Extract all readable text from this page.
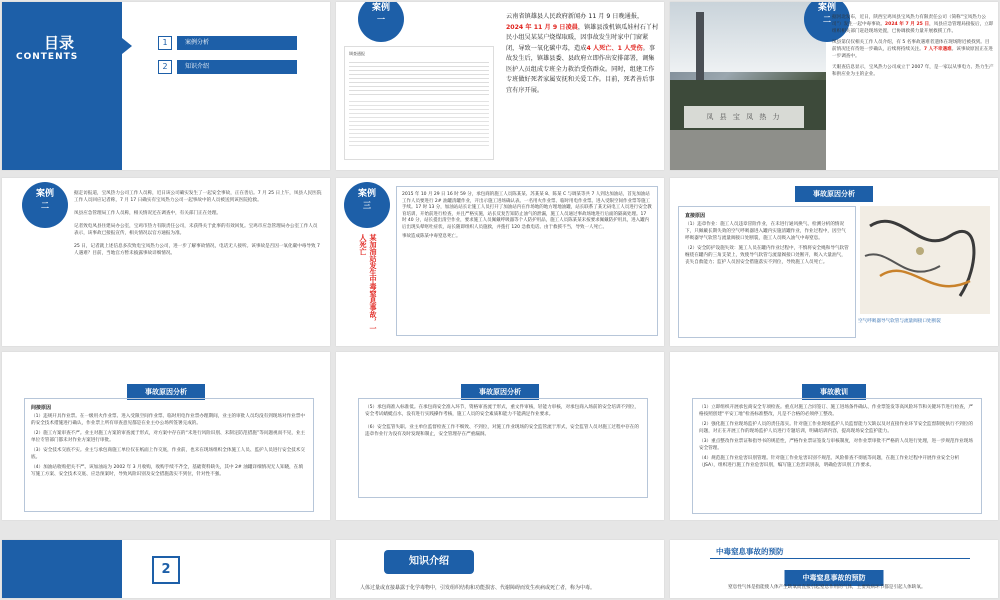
目录
CONTENTS
1	案例分析
2	知识介绍
案例
一
调查通报
云南省镇雄县人民政府新闻办 11 月 9 日晚通报，2024 年 11 月 9 日凌晨，镇雄县泼机镇瓜娃村石丫村民小组吴某某户烧煤取暖，因事故发生时家中门窗紧闭，导致一氧化碳中毒，造成4 人死亡、1 人受伤。事故发生后，镇雄县委、县政府立即作出安排部署，调集医护人员组成专班全力救治受伤群众。同时，组建工作专班做好死者家属安抚和关爱工作。目前，死者善后事宜有序开展。
凤 县 宝 凤 热 力
案例
二 据河北发布，近日，陕西宝鸡凤县宝凤热力有限责任公司（简称“宝凤热力公司”）发生一起中毒事故。2024 年 7 月 25 日，凤县应急管理局接报后，立即组织相关部门赶赴现场处置，已协调救援力量开展救援工作。

凤县第仅仅相关工作人员介绍，有 5 名事故遇难者遗体在现场附近被找到。目前情况还有待进一步确认，后续将持续关注。7 人不幸遇难。该事故原因正在进一步调查中。

天眼查信息显示，宝凤热力公司成立于 2007 年，是一家以从事电力、热力生产和供应业为主的企业。

案例
二

据走访报道，宝凤热力公司工作人员称，近日该公司确实发生了一起安全事故，正在善后。7 月 25 日上午，凤县人民医院工作人员回应记者称，7 月 17 日确实有宝凤热力公司一起事故中的人员被送到该医院抢救。

凤县应急管理局工作人员称，相关情况还在调查中，有关部门正在处理。

记者致电凤县住建局办公室，宝鸡市热力有限责任公司，未获得关于此事的有效回复。宝鸡市应急管理局办公室工作人员表示，该事故已接报宣传，相关情况以官方通报为准。

25 日，记者就上述信息多次致电宝凤热力公司，进一步了解事故情况，电话无人接听。该事故是否因一氧化碳中毒导致 7 人遇难？目前，当地官方暂未披露事故详细情况。

案例
三
某加油站发生中毒窒息事故，一人死亡

2015 年 10 月 29 日 16 时 59 分，承包商的施工人员陈某某、苏某某 8、陈某 C 与调某等共 7 人到达加油站，首先加油站工作人员要进行 2# 油罐清罐作业，开出示施工进场确认表。一名用火作业票、临时用电作业票。进入受限空间作业票等施工手续。17 时 13 分，加油站站长让施工人员打开了加油站内在作场地的地方埋地油罐，站长联系了某无码电工人员进行安全教育培训，开始前进行检查，并且严格实施，站长反复告知防止油气的泄漏，施工人员通过事故场地进行后面的隔离处理。17 时 40 分，站长提出清空作业，要求施工人员佩戴呼吸器等个人防护用品，施工人员陈某某未按要求佩戴防护用具，进入罐内后出现头晕呕吐症状，站长随即组织人员施救，并拨打 120 急救电话。由于救援不当，导致一人死亡。

事故造成陈某中毒窒息死亡。

事故原因分析
直接原因

（1）违章作业：施工人员违章冒险作业，在未进行通风换气、检测分析的情况下，只佩戴长期失效的空气呼吸器进入罐内实施清罐作业，作业过程中，因空气呼吸器导气软管与流量阀接口处断裂，施工人员吸入油气中毒窒息。

（2）安全防护设施失效：施工人员在罐内作业过程中，不慎将安全绳和导气软管缠绕在罐内的三角支架上，致使导气软管与流量阀接口处断开，吸入大量油气，丧失自救能力；监护人员因安全措施落实不到位，导致施工人员死亡。

空气呼吸器导气软管与流量阀接口处断裂
事故原因分析
间接原因

（1）违规开具作业票。在一级用火作业票、进入受限空间作业票、临时用电作业票办理期间，业主的审批人员均没有到现场对作业票中的安全技术措施进行确认，作业票上所有审查意见都是在业主办公场所签署完成的。

（2）施工方案审查不严。业主对施工方案的审查流于形式，对方案中存在的“未进行风险识别、未制定防范措施”等问题视而不见，业主单位专管部门都未对作业方案进行审批。

（3）安全技术交底不实。业主与承包商施工单位仅在纸面上作交底，作业前，也未在现场组织全体施工人员、监护人员进行安全技术交底。

（4）加油站收购把关不严。该加油站为 2002 年 3 月收购，收购手续不齐全，基础资料缺失，其中 2# 油罐详细情况无人知晓，在填写施工方案、安全技术交底、应急预案时，导致风险识别及安全措施落实不到位，针对性不强。

事故原因分析

（5）承包商准入标准低。在承包商安全准入环节，资格审查流于形式，重文件审核，轻能力审核，对承包商入场前的安全培训不到位，安全考试蜻蜓点水，没有进行实践操作考核，施工人员的安全素质和能力不能满足作业要求。

（6）安全监管失职。业主单位监督检查工作不细致、不到位，对施工作业现场的安全监管流于形式，安全监管人员对施工过程中存在的违章作业行为没有及时发现和制止，安全管理存在严重漏洞。

事故教训

（1）立即组织开展承包商安全专项检查。重点对施工合同签订、施工进场条件确认、作业票签发等高风险环节和关键环节进行检查，严格按照创建“平安工地”检查标准整改，凡是不合格的必须停工整改。

（2）强化施工作业现场监护人员的责任落实。针对施工作业现场监护人员监督能力欠缺以及对直接作业环节安全监督制度执行不到位的问题，对正在开展工作的现场监护人员进行专题培训，明确培训内容，提高现场安全监护能力。

（3）重点整改作业票证和指导书的规范性，严格作业票证签发与审核制度，对作业票审批不严格的人员进行处理，进一步规范作业现场安全管理。

（4）规范施工作业危害识别管理。针对施工作业危害识别不规范、风险排查不彻底等问题，在施工作业过程中开展作业安全分析（JSA），组织进行施工作业危害识别，编写施工危害识别表，明确危害识别工作要求。

2
知识介绍
人体过量或直接暴露于化学毒物中，引发组织结构和功能损害、代谢障碍而发生疾病或死亡者，称为中毒。
中毒窒息事故的预防
中毒窒息事故的预防
窒息性气体是指能使人体产生缺氧而直接引起窒息作用的气体，主要致病环节都是引起人体缺氧。
